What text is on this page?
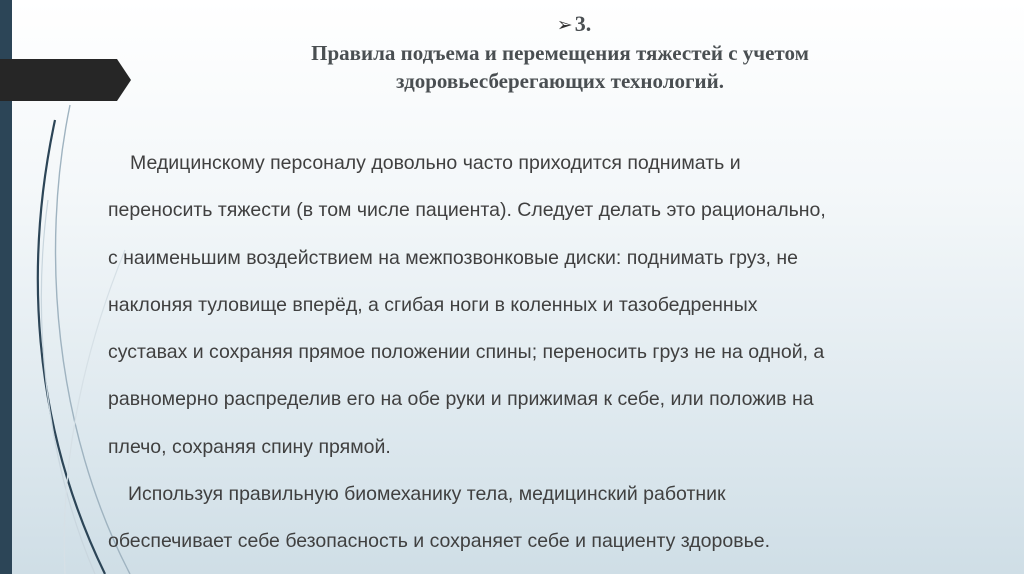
➢3.
Правила подъема и перемещения тяжестей с учетом
здоровьесберегающих технологий.

Медицинскому персоналу довольно часто приходится поднимать и
переносить тяжести (в том числе пациента). Следует делать это рационально,
с наименьшим воздействием на межпозвонковые диски: поднимать груз, не
наклоняя туловище вперёд, а сгибая ноги в коленных и тазобедренных
суставах и сохраняя прямое положении спины; переносить груз не на одной, а
равномерно распределив его на обе руки и прижимая к себе, или положив на
плечо, сохраняя спину прямой.

Используя правильную биомеханику тела, медицинский работник
обеспечивает себе безопасность и сохраняет себе и пациенту здоровье.
